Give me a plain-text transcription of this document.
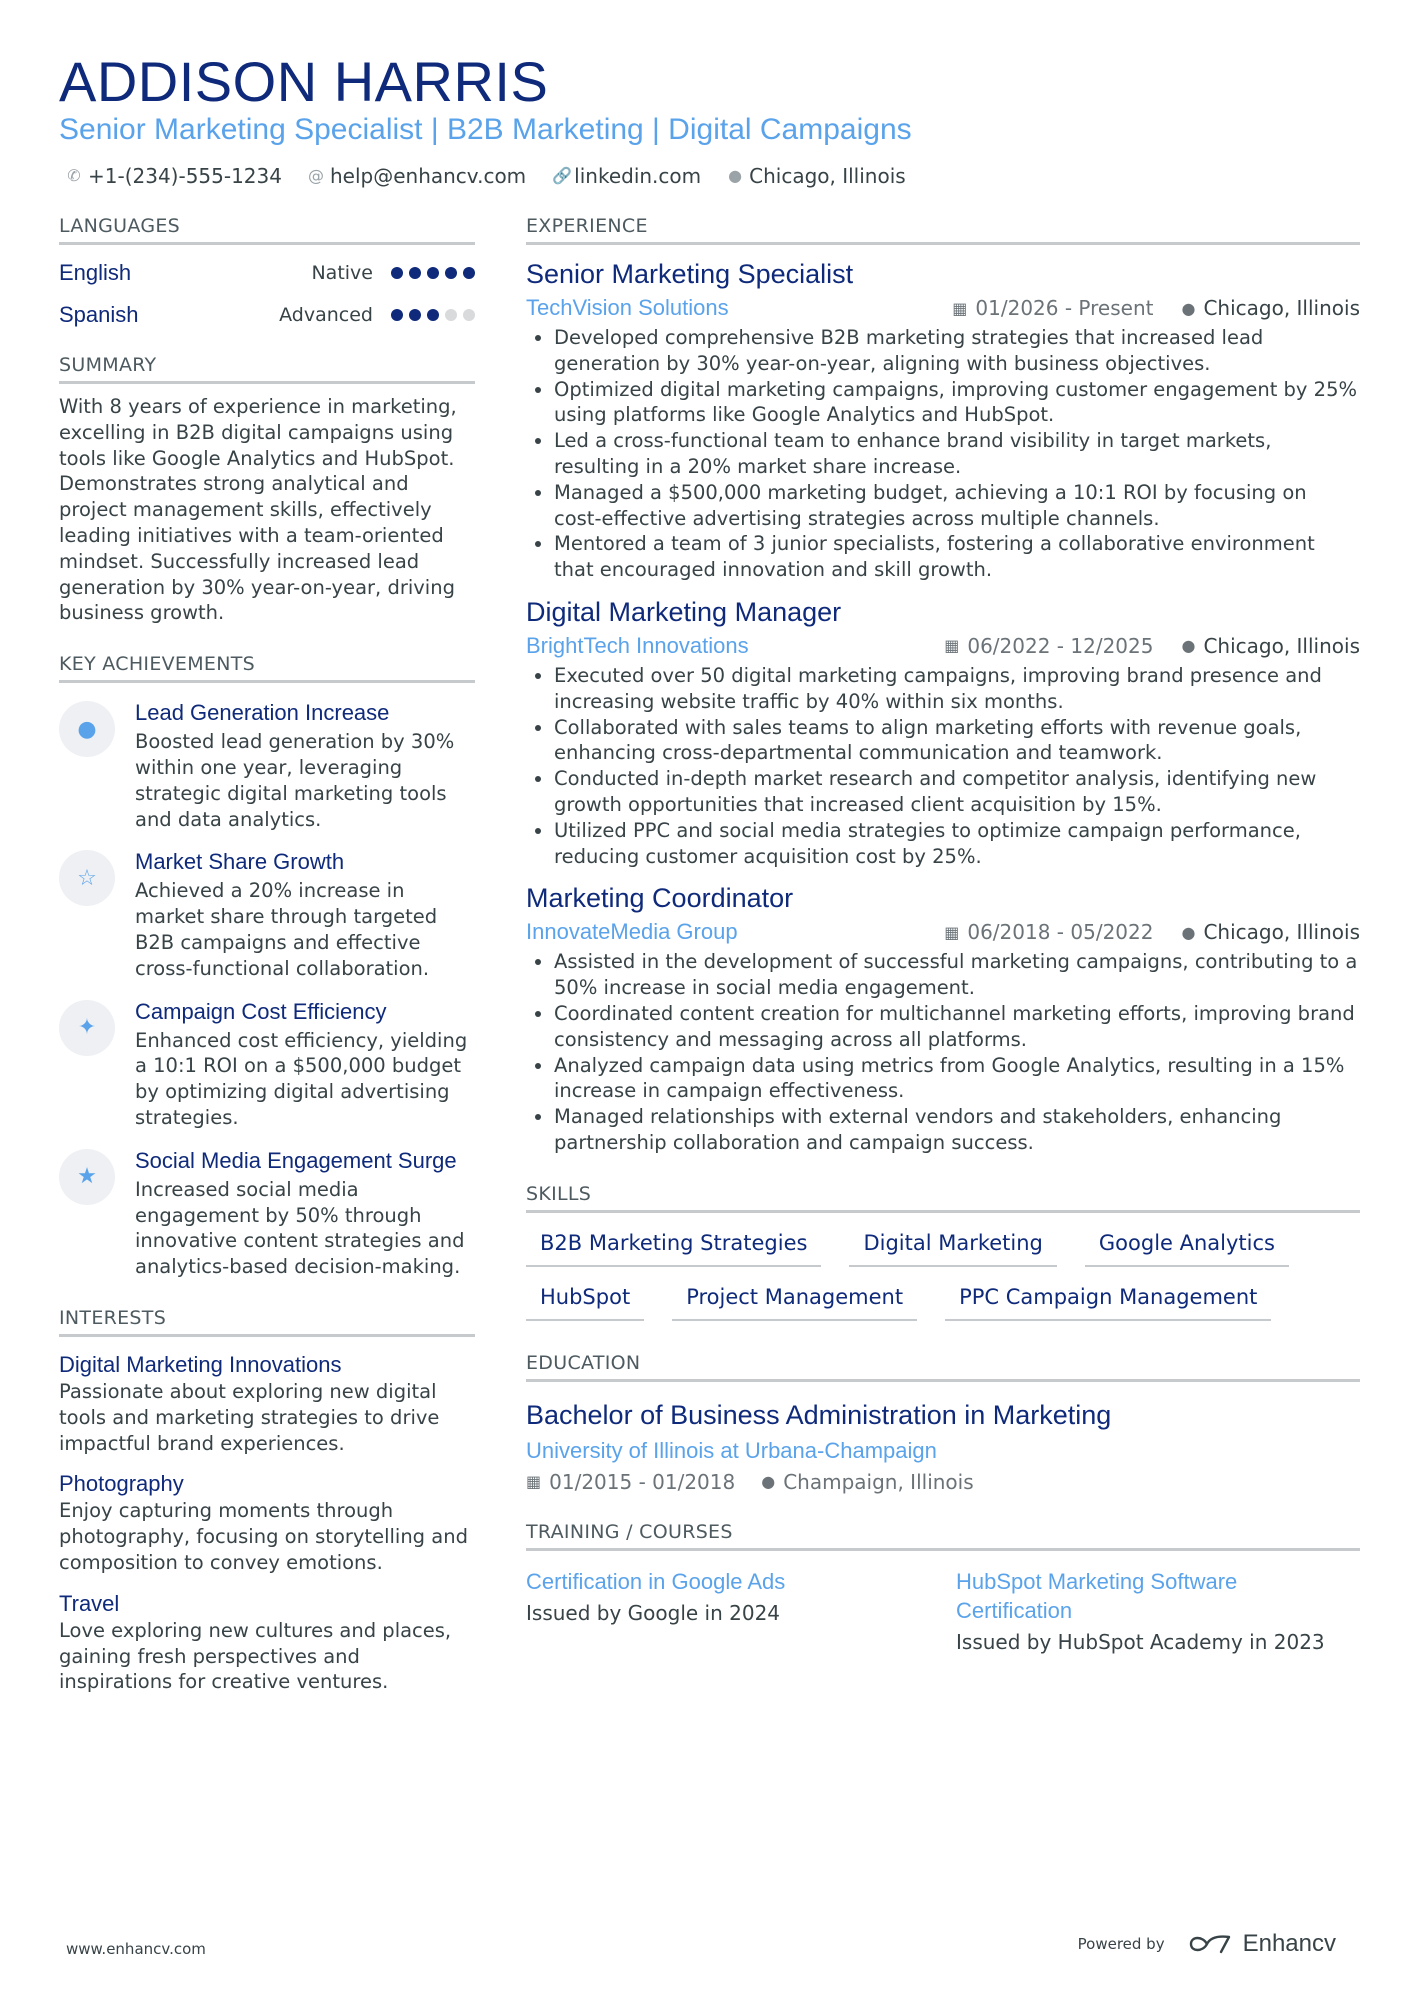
ADDISON HARRIS
Senior Marketing Specialist | B2B Marketing | Digital Campaigns
✆ +1-(234)-555-1234 @ help@enhancv.com 🔗 linkedin.com ● Chicago, Illinois
LANGUAGES
English	Native
Spanish	Advanced
SUMMARY
With 8 years of experience in marketing, excelling in B2B digital campaigns using tools like Google Analytics and HubSpot. Demonstrates strong analytical and project management skills, effectively leading initiatives with a team-oriented mindset. Successfully increased lead generation by 30% year-on-year, driving business growth.
KEY ACHIEVEMENTS
●
Lead Generation Increase
Boosted lead generation by 30% within one year, leveraging strategic digital marketing tools and data analytics.
☆
Market Share Growth
Achieved a 20% increase in market share through targeted B2B campaigns and effective cross-functional collaboration.
✦
Campaign Cost Efficiency
Enhanced cost efficiency, yielding a 10:1 ROI on a $500,000 budget by optimizing digital advertising strategies.
★
Social Media Engagement Surge
Increased social media engagement by 50% through innovative content strategies and analytics-based decision-making.
INTERESTS
Digital Marketing Innovations
Passionate about exploring new digital tools and marketing strategies to drive impactful brand experiences.
Photography
Enjoy capturing moments through photography, focusing on storytelling and composition to convey emotions.
Travel
Love exploring new cultures and places, gaining fresh perspectives and inspirations for creative ventures.
EXPERIENCE
Senior Marketing Specialist
TechVision Solutions	▦ 01/2026 - Present ● Chicago, Illinois
• Developed comprehensive B2B marketing strategies that increased lead generation by 30% year-on-year, aligning with business objectives.
• Optimized digital marketing campaigns, improving customer engagement by 25% using platforms like Google Analytics and HubSpot.
• Led a cross-functional team to enhance brand visibility in target markets, resulting in a 20% market share increase.
• Managed a $500,000 marketing budget, achieving a 10:1 ROI by focusing on cost-effective advertising strategies across multiple channels.
• Mentored a team of 3 junior specialists, fostering a collaborative environment that encouraged innovation and skill growth.
Digital Marketing Manager
BrightTech Innovations	▦ 06/2022 - 12/2025 ● Chicago, Illinois
• Executed over 50 digital marketing campaigns, improving brand presence and increasing website traffic by 40% within six months.
• Collaborated with sales teams to align marketing efforts with revenue goals, enhancing cross-departmental communication and teamwork.
• Conducted in-depth market research and competitor analysis, identifying new growth opportunities that increased client acquisition by 15%.
• Utilized PPC and social media strategies to optimize campaign performance, reducing customer acquisition cost by 25%.
Marketing Coordinator
InnovateMedia Group	▦ 06/2018 - 05/2022 ● Chicago, Illinois
• Assisted in the development of successful marketing campaigns, contributing to a 50% increase in social media engagement.
• Coordinated content creation for multichannel marketing efforts, improving brand consistency and messaging across all platforms.
• Analyzed campaign data using metrics from Google Analytics, resulting in a 15% increase in campaign effectiveness.
• Managed relationships with external vendors and stakeholders, enhancing partnership collaboration and campaign success.
SKILLS
B2B Marketing Strategies	Digital Marketing	Google Analytics
HubSpot	Project Management	PPC Campaign Management
EDUCATION
Bachelor of Business Administration in Marketing
University of Illinois at Urbana-Champaign
▦ 01/2015 - 01/2018 ● Champaign, Illinois
TRAINING / COURSES
Certification in Google Ads
Issued by Google in 2024
HubSpot Marketing Software Certification
Issued by HubSpot Academy in 2023
www.enhancv.com	Powered by	Enhancv
